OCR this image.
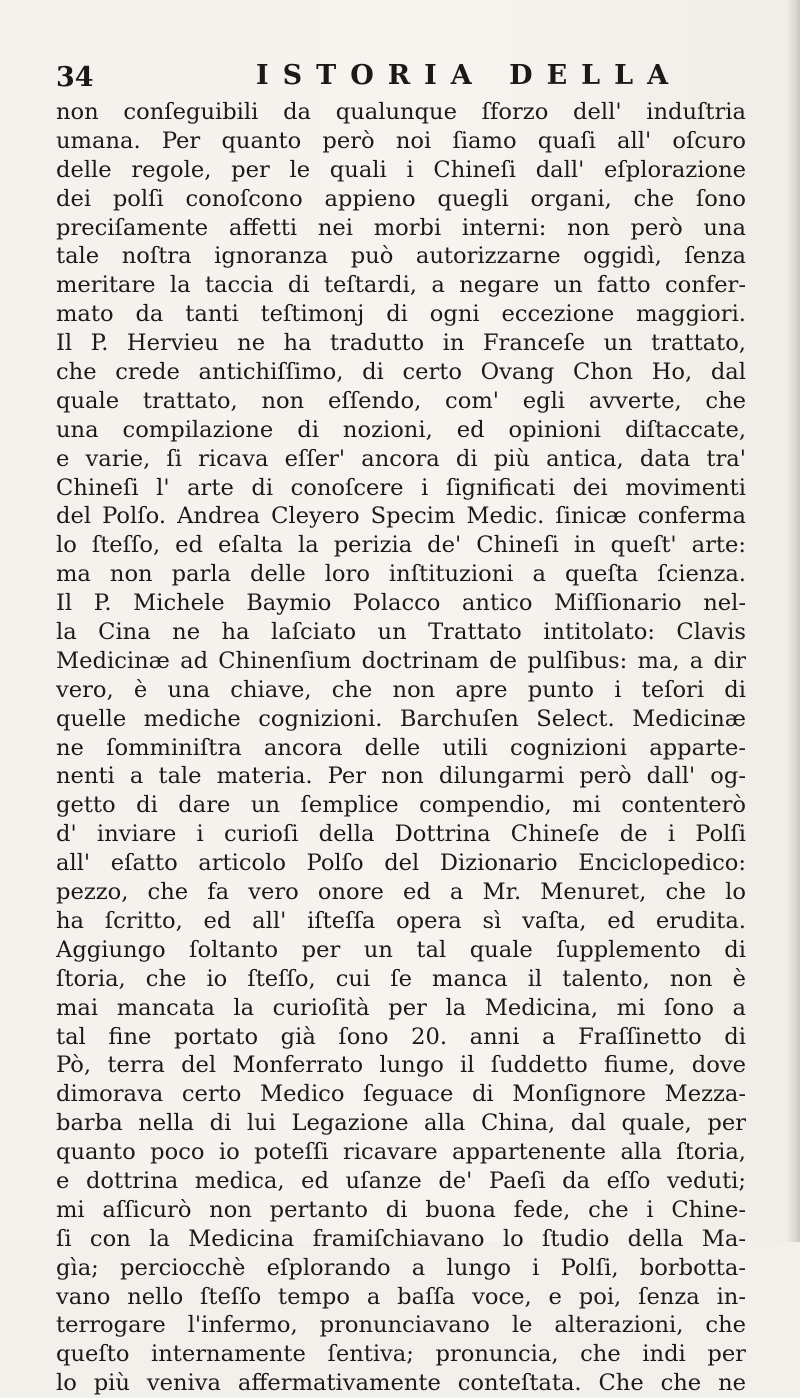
34	ISTORIA DELLA
non conſeguibili da qualunque ſforzo dell' induſtria
umana. Per quanto però noi ſiamo quaſi all' oſcuro
delle regole, per le quali i Chineſi dall' eſplorazione
dei polſi conoſcono appieno quegli organi, che ſono
preciſamente affetti nei morbi interni: non però una
tale noſtra ignoranza può autorizzarne oggidì, ſenza
meritare la taccia di teſtardi, a negare un fatto confer-
mato da tanti teſtimonj di ogni eccezione maggiori.
Il P. Hervieu ne ha tradutto in Franceſe un trattato,
che crede antichiſſimo, di certo Ovang Chon Ho, dal
quale trattato, non eſſendo, com' egli avverte, che
una compilazione di nozioni, ed opinioni diſtaccate,
e varie, ſi ricava eſſer' ancora di più antica, data tra'
Chineſi l' arte di conoſcere i ſignificati dei movimenti
del Polſo. Andrea Cleyero Specim Medic. ſinicæ conferma
lo ſteſſo, ed eſalta la perizia de' Chineſi in queſt' arte:
ma non parla delle loro inſtituzioni a queſta ſcienza.
Il P. Michele Baymio Polacco antico Miſſionario nel-
la Cina ne ha laſciato un Trattato intitolato: Clavis
Medicinæ ad Chinenſium doctrinam de pulſibus: ma, a dir
vero, è una chiave, che non apre punto i teſori di
quelle mediche cognizioni. Barchuſen Select. Medicinæ
ne ſomminiſtra ancora delle utili cognizioni apparte-
nenti a tale materia. Per non dilungarmi però dall' og-
getto di dare un ſemplice compendio, mi contenterò
d' inviare i curioſi della Dottrina Chineſe de i Polſi
all' eſatto articolo Polſo del Dizionario Enciclopedico:
pezzo, che fa vero onore ed a Mr. Menuret, che lo
ha ſcritto, ed all' iſteſſa opera sì vaſta, ed erudita.
Aggiungo ſoltanto per un tal quale ſupplemento di
ſtoria, che io ſteſſo, cui ſe manca il talento, non è
mai mancata la curioſità per la Medicina, mi ſono a
tal fine portato già ſono 20. anni a Fraſſinetto di
Pò, terra del Monferrato lungo il ſuddetto fiume, dove
dimorava certo Medico ſeguace di Monſignore Mezza-
barba nella di lui Legazione alla China, dal quale, per
quanto poco io poteſſi ricavare appartenente alla ſtoria,
e dottrina medica, ed uſanze de' Paeſi da eſſo veduti;
mi aſſicurò non pertanto di buona fede, che i Chine-
ſi con la Medicina framiſchiavano lo ſtudio della Ma-
gìa; perciocchè eſplorando a lungo i Polſi, borbotta-
vano nello ſteſſo tempo a baſſa voce, e poi, ſenza in-
terrogare l'infermo, pronunciavano le alterazioni, che
queſto internamente ſentiva; pronuncia, che indi per
lo più veniva affermativamente conteſtata. Che che ne
